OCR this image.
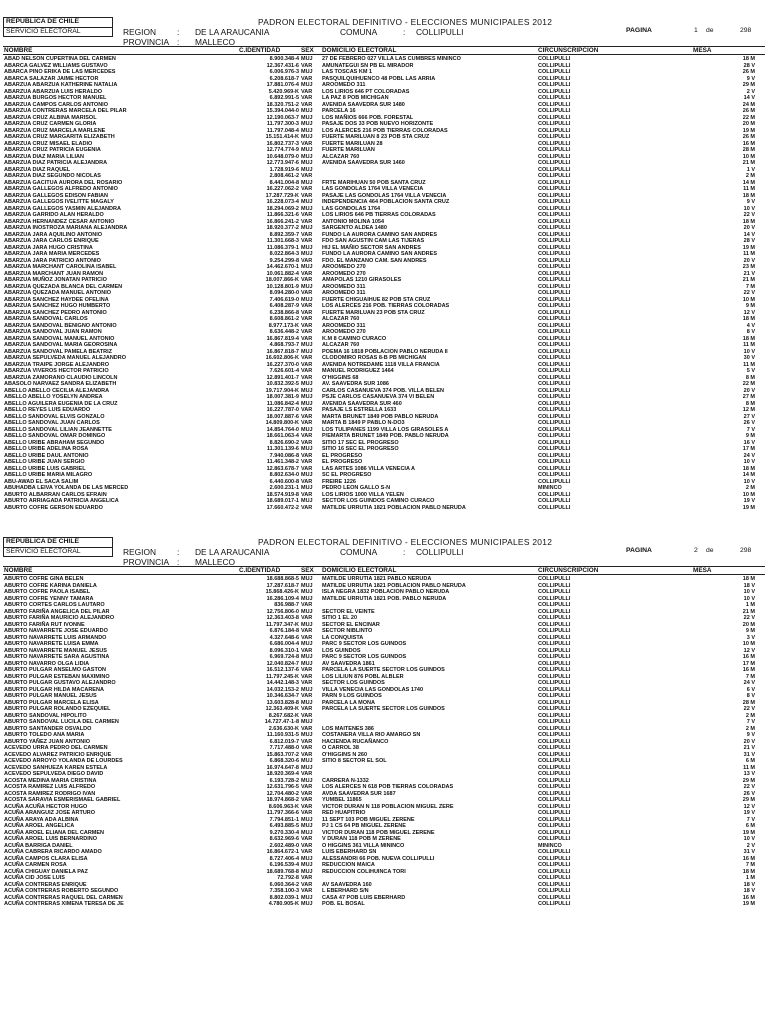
REPUBLICA DE CHILE
SERVICIO ELECTORAL
PADRON ELECTORAL DEFINITIVO - ELECCIONES MUNICIPALES 2012
REGION : DE LA ARAUCANIA	COMUNA	: COLLIPULLI
PROVINCIA : MALLECO
PAGINA	1 de	298
NOMBRE	C.IDENTIDAD	SEX DOMICILIO ELECTORAL	CIRCUNSCRIPCION	MESA
ABAD NELSON CUPERTINA DEL CARMEN	8.900.348-4 MUJ	27 DE FEBRERO 027 VILLA LAS CUMBRES MININCO	COLLIPULLI	18 M
ABARCA GALVEZ WILLIAMS GUSTAVO	12.367.431-6 VAR	AMUNATEGUI SN PB EL MIRADOR	COLLIPULLI	28 V
ABARCA PINO ERIKA DE LAS MERCEDES	6.006.976-3 MUJ	LAS TOSCAS KM 1	COLLIPULLI	26 M
ABARCA SALAZAR JAIME HECTOR	6.208.618-7 VAR	PASQUILQUIHUENCO 48 POBL LAS ARRIA	COLLIPULLI	9 V
ABARZUA ABARZUA KATHERINE NATALIA	17.881.076-4 MUJ	AROOMEDO 311	COLLIPULLI	29 M
ABARZUA ABARZUA LUIS HERALDO	5.420.969-K VAR	LOS LIRIOS 646 PT COLORADAS	COLLIPULLI	2 V
ABARZUA BURGOS HECTOR MANUEL	6.892.991-5 VAR	LA PAZ 8 POB MICHIGAN	COLLIPULLI	14 V
ABARZUA CAMPOS CARLOS ANTONIO	18.320.751-2 VAR	AVENIDA SAAVEDRA SUR 1480	COLLIPULLI	24 M
ABARZUA CONTRERAS MARCELA DEL PILAR	15.394.044-0 MUJ	PARCELA 16	COLLIPULLI	26 M
ABARZUA CRUZ ALBINA MARISOL	12.190.063-7 MUJ	LOS MAÑIOS 666 POB. FORESTAL	COLLIPULLI	22 M
ABARZUA CRUZ CARMEN GLORIA	11.797.300-3 MUJ	PASAJE DOS 33 POB NUEVO HORIZONTE	COLLIPULLI	20 M
ABARZUA CRUZ MARCELA MARLENE	11.797.048-4 MUJ	LOS ALERCES 216 POB TIERRAS COLORADAS	COLLIPULLI	19 M
ABARZUA CRUZ MARGARITA ELIZABETH	15.151.414-K MUJ	FUERTE MARILUAN 8 23 POB STA CRUZ	COLLIPULLI	26 M
ABARZUA CRUZ MISAEL ELADIO	16.802.737-3 VAR	FUERTE MARILUAN 28	COLLIPULLI	16 M
ABARZUA CRUZ PATRICIA EUGENIA	12.774.774-9 MUJ	FUERTE MARILUAN	COLLIPULLI	28 M
ABARZUA DIAZ MARIA LILIAN	10.648.079-0 MUJ	ALCAZAR 760	COLLIPULLI	10 M
ABARZUA DIAZ PATRICIA ALEJANDRA	12.773.947-6 MUJ	AVENIDA SAAVEDRA SUR 1460	COLLIPULLI	21 M
ABARZUA DIAZ RAQUEL	1.728.919-6 MUJ	COLLIPULLI	1 V
ABARZUA DIAZ SEGUNDO NICOLAS	2.808.461-2 VAR	COLLIPULLI	2 M
ABARZUA GACITUA AURORA DEL ROSARIO	8.441.004-8 MUJ	FRTE MARIHUAN 50 POB SANTA CRUZ	COLLIPULLI	14 M
ABARZUA GALLEGOS ALFREDO ANTONIO	16.227.062-2 VAR	LAS GONDOLAS 1764 VILLA VENECIA	COLLIPULLI	11 M
ABARZUA GALLEGOS EDISON FABIAN	17.287.729-K VAR	PASAJE LAS GONDOLAS 1764 VILLA VENECIA	COLLIPULLI	18 M
ABARZUA GALLEGOS IVELITTE MAGALY	16.228.073-4 MUJ	INDEPENDENCIA 464 POBLACION SANTA CRUZ	COLLIPULLI	9 V
ABARZUA GALLEGOS YASMIN ALEJANDRA	18.294.069-2 MUJ	LAS GONDOLAS 1764	COLLIPULLI	10 V
ABARZUA GARRIDO ALAN HERALDO	11.866.321-6 VAR	LOS LIRIOS 646 PB TIERRAS COLORADAS	COLLIPULLI	22 V
ABARZUA HERNANDEZ CESAR ANTONIO	16.866.241-2 VAR	ANTONIO MOLINA 1054	COLLIPULLI	18 M
ABARZUA INOSTROZA MARIANA ALEJANDRA	18.920.377-2 MUJ	SARGENTO ALDEA 1480	COLLIPULLI	20 V
ABARZUA JARA AQUILINO ANTONIO	8.892.359-7 VAR	FUNDO LA AURORA CAMINO SAN ANDRES	COLLIPULLI	14 V
ABARZUA JARA CARLOS ENRIQUE	11.301.668-3 VAR	FDO SAN AGUSTIN CAM LAS TIJERAS	COLLIPULLI	28 V
ABARZUA JARA HUGO CRISTINA	11.086.379-1 MUJ	HIJ EL MAÑIO SECTOR SAN ANDRES	COLLIPULLI	19 M
ABARZUA JARA MARIA MERCEDES	8.022.864-3 MUJ	FUNDO LA AURORA CAMINO SAN ANDRES	COLLIPULLI	11 M
ABARZUA JARA PATRICIO ANTONIO	9.254.299-8 VAR	FDO. EL MANZANO CAM. SAN ANDRES	COLLIPULLI	20 V
ABARZUA MARCHANT CAROLINA ISABEL	14.462.670-1 MUJ	AROOMEDO 270	COLLIPULLI	23 M
ABARZUA MARCHANT JUAN RAMON	10.061.882-4 VAR	AROOMEDO 270	COLLIPULLI	21 V
ABARZUA MUÑOZ JONATAN PATRICIO	18.007.866-K VAR	AMAPOLAS 1210 GIRASOLES	COLLIPULLI	21 M
ABARZUA QUEZADA BLANCA DEL CARMEN	10.128.801-9 MUJ	AROOMEDO 311	COLLIPULLI	7 M
ABARZUA QUEZADA MANUEL ANTONIO	8.094.280-0 VAR	AROOMEDO 311	COLLIPULLI	22 V
ABARZUA SANCHEZ HAYDEE OFELINA	7.406.619-0 MUJ	FUERTE CHIGUAIHUE 82 POB STA CRUZ	COLLIPULLI	10 M
ABARZUA SANCHEZ HUGO HUMBERTO	6.408.287-9 VAR	LOS ALERCES 216 POB. TIERRAS COLORADAS	COLLIPULLI	9 M
ABARZUA SANCHEZ PEDRO ANTONIO	6.238.866-8 VAR	FUERTE MARILUAN 23 POB STA CRUZ	COLLIPULLI	12 V
ABARZUA SANDOVAL CARLOS	8.608.861-2 VAR	ALCAZAR 760	COLLIPULLI	18 M
ABARZUA SANDOVAL BENIGNO ANTONIO	8.977.173-K VAR	AROOMEDO 311	COLLIPULLI	4 V
ABARZUA SANDOVAL JUAN RAMON	8.636.448-2 VAR	AROOMEDO 270	COLLIPULLI	8 V
ABARZUA SANDOVAL MANUEL ANTONIO	16.867.819-4 VAR	K.M 8 CAMINO CURACO	COLLIPULLI	18 M
ABARZUA SANDOVAL MARIA GEOROSINA	4.868.793-7 MUJ	ALCAZAR 760	COLLIPULLI	11 M
ABARZUA SANDOVAL PAMELA BEATRIZ	16.867.818-7 MUJ	POEMA 16 1818 POBLACION PABLO NERUDA II	COLLIPULLI	10 V
ABARZUA SEPULVEDA MANUEL ALEJANDRO	16.602.806-K VAR	CLODOMIRO ROSAS 8-B PB MICHIGAN	COLLIPULLI	30 V
ABARZUA TRAIPE JORGE ALEJANDRO	16.227.370-0 VAR	AVENIDA NOTREDAME 1118 VILLA FRANCIA	COLLIPULLI	11 M
ABARZUA VIVEROS HECTOR PATRICIO	7.626.601-4 VAR	MANUEL RODRIGUEZ 1464	COLLIPULLI	5 V
ABARZUA ZAMORANO CLAUDIO LINCOLN	12.891.401-7 VAR	O'HIGGINS 68	COLLIPULLI	8 M
ABASOLO NARVAEZ SANDRA ELIZABETH	10.832.392-5 MUJ	AV. SAAVEDRA SUR 1086	COLLIPULLI	22 M
ABELLO ABELLO CECILIA ALEJANDRA	19.717.904-K MUJ	CARLOS CASANUEVA 374 POB. VILLA BELEN	COLLIPULLI	20 V
ABELLO ABELLO YOSELYN ANDREA	18.007.381-9 MUJ	PSJE CARLOS CASANUEVA 374 VI BELEN	COLLIPULLI	27 M
ABELLO AGUILERA EUGENIA DE LA CRUZ	11.086.842-4 MUJ	AVENIDA SAAVEDRA SUR 460	COLLIPULLI	8 M
ABELLO REYES LUIS EDUARDO	16.227.787-0 VAR	PASAJE LS ESTRELLA 1633	COLLIPULLI	12 M
ABELLO SANDOVAL ELVIS GONZALO	18.007.887-6 VAR	MARTA BRUNET 1849 POB PABLO NERUDA	COLLIPULLI	27 V
ABELLO SANDOVAL JUAN CARLOS	14.809.800-K VAR	MARTA B 1849 P PABLO N-DO3	COLLIPULLI	26 V
ABELLO SANDOVAL LILIAN JEANNETTE	14.854.764-0 MUJ	LOS TULIPANES 1199 VILLA LOS GIRASOLES A	COLLIPULLI	7 V
ABELLO SANDOVAL OMAR DOMINGO	18.661.063-4 VAR	P/EMARTA BRUNET 1849 POB. PABLO NERUDA	COLLIPULLI	9 M
ABELLO URIBE ABRAHAM SEGUNDO	8.826.690-2 VAR	SITIO 17 SEC EL PROGRESO	COLLIPULLI	16 V
ABELLO URIBE ADELINA ROSA	11.301.139-6 MUJ	SITIO 16 SEC EL PROGRESO	COLLIPULLI	17 M
ABELLO URIBE DAUL ANTONIO	7.940.086-8 VAR	EL PROGRESO	COLLIPULLI	24 V
ABELLO URIBE JUAN SERGIO	11.461.348-2 VAR	EL PROGRESO	COLLIPULLI	10 V
ABELLO URIBE LUIS GABRIEL	12.863.678-7 VAR	LAS ARTES 1086 VILLA VENECIA A	COLLIPULLI	18 M
ABELLO URIBE MARIA MILAGRO	8.802.634-0 MUJ	SC EL PROGRESO	COLLIPULLI	14 M
ABU-AWAD EL SACA SALIM	6.440.600-8 VAR	FREIRE 1226	COLLIPULLI	10 V
ABUHADBA LEIVA YOLANDA DE LAS MERCED	2.600.231-1 MUJ	PEDRO LEON GALLO S-N	MININCO	2 M
ABURTO ALBARRAN CARLOS EFRAIN	18.574.919-8 VAR	LOS LIRIOS 1000 VILLA YELEN	COLLIPULLI	10 M
ABURTO ARRIAGADA PATRICIA ANGELICA	18.689.017-1 MUJ	SECTOR LOS GUINDOS CAMINO CURACO	COLLIPULLI	19 V
ABURTO COFRE GERSON EDUARDO	17.660.472-2 VAR	MATILDE URRUTIA 1821 POBLACION PABLO NERUDA	COLLIPULLI	19 M
REPUBLICA DE CHILE
SERVICIO ELECTORAL
PADRON ELECTORAL DEFINITIVO - ELECCIONES MUNICIPALES 2012
REGION : DE LA ARAUCANIA	COMUNA	: COLLIPULLI
PROVINCIA : MALLECO
PAGINA	2 de	298
NOMBRE	C.IDENTIDAD	SEX DOMICILIO ELECTORAL	CIRCUNSCRIPCION	MESA
ABURTO COFRE GINA BELEN	18.688.868-5 MUJ	MATILDE URRUTIA 1821 PABLO NERUDA	COLLIPULLI	18 M
ABURTO COFRE KARINA DANIELA	17.287.618-7 MUJ	MATILDE URRUTIA 1821 POBLACION PABLO NERUDA	COLLIPULLI	18 V
ABURTO COFRE PAOLA ISABEL	15.868.426-K MUJ	ISLA NEGRA 1832 POBLACION PABLO NERUDA	COLLIPULLI	10 V
ABURTO COFRE YENNY TAMARA	16.286.109-4 MUJ	MATILDE URRUTIA 1821 POB. PABLO NERUDA	COLLIPULLI	10 V
ABURTO CORTES CARLOS LAUTARO	836.988-7 VAR	COLLIPULLI	1 M
ABURTO FARIÑA ANGELICA DEL PILAR	12.756.806-0 MUJ	SECTOR EL VEINTE	COLLIPULLI	21 M
ABURTO FARIÑA MAURICIO ALEJANDRO	12.363.403-8 VAR	SITIO 1 EL 20	COLLIPULLI	22 V
ABURTO FARIÑA RUT IVONNE	11.797.347-K MUJ	SECTOR EL ENCINAR	COLLIPULLI	20 M
ABURTO NAVARRETE JOSE EDUARDO	6.876.184-8 VAR	SECTOR NIBLINTO	COLLIPULLI	9 M
ABURTO NAVARRETE LUIS ARMANDO	4.327.648-6 VAR	LA CONQUISTA	COLLIPULLI	3 V
ABURTO NAVARRETE LUISA EMMA	6.686.004-4 MUJ	PARC 9 SECTOR LOS GUINDOS	COLLIPULLI	10 M
ABURTO NAVARRETE MANUEL JESUS	8.096.310-1 VAR	LOS GUINDOS	COLLIPULLI	12 V
ABURTO NAVARRETE SARA AGUSTINA	6.969.724-8 MUJ	PARC 9 SECTOR LOS GUINDOS	COLLIPULLI	16 M
ABURTO NAVARRO OLGA LIDIA	12.040.824-7 MUJ	AV SAAVEDRA 1861	COLLIPULLI	17 M
ABURTO PULGAR ANSELMO GASTON	16.512.137-6 VAR	PARCELA LA SUERTE SECTOR LOS GUINDOS	COLLIPULLI	16 M
ABURTO PULGAR ESTEBAN MAXIMINO	11.797.245-K VAR	LOS LILIUN 876 POBL ALBLER	COLLIPULLI	7 M
ABURTO PULGAR GUSTAVO ALEJANDRO	14.442.148-3 VAR	SECTOR LOS GUINDOS	COLLIPULLI	24 V
ABURTO PULGAR HILDA MACARENA	14.032.153-2 MUJ	VILLA VENECIA LAS GONDOLAS 1740	COLLIPULLI	6 V
ABURTO PULGAR MANUEL JESUS	10.346.634-7 VAR	PARN 9 LOS GUINDOS	COLLIPULLI	8 V
ABURTO PULGAR MARCELA ELISA	13.603.828-8 MUJ	PARCELA LA MONA	COLLIPULLI	28 M
ABURTO PULGAR ROLANDO EZEQUIEL	12.363.409-K VAR	PARCELA LA SUERTE SECTOR LOS GUINDOS	COLLIPULLI	22 V
ABURTO SANDOVAL HIPOLITO	8.267.682-K VAR	COLLIPULLI	2 M
ABURTO SANDOVAL LUCILA DEL CARMEN	14.727.47-1-8 MUJ	COLLIPULLI	7 V
ABURTO SANTANDER OSVALDO	2.636.630-K VAR	LOS MAITENES 386	COLLIPULLI	2 M
ABURTO TOLEDO ANA MARIA	11.160.931-5 MUJ	COSTANERA VILLA RIO AMARGO SN	COLLIPULLI	9 V
ABURTO YAÑEZ JUAN ANTONIO	6.812.019-7 VAR	HACIENDA RUCAÑANCO	COLLIPULLI	20 V
ACEVEDO URRA PEDRO DEL CARMEN	7.717.488-0 VAR	O CARROL 38	COLLIPULLI	21 V
ACEVEDO ALVAREZ PATRICIO ENRIQUE	15.863.707-2 VAR	O'HIGGINS N 260	COLLIPULLI	31 V
ACEVEDO ARROYO YOLANDA DE LOURDES	6.868.320-6 MUJ	SITIO 8 SECTOR EL SOL	COLLIPULLI	6 M
ACEVEDO SANHUEZA KAREN ESTELA	16.974.647-8 MUJ	COLLIPULLI	11 M
ACEVEDO SEPULVEDA DIEGO DAVID	18.920.369-4 VAR	COLLIPULLI	13 V
ACOSTA MEDINA MARIA CRISTINA	6.193.728-2 MUJ	CARRERA N-1332	COLLIPULLI	29 M
ACOSTA RAMIREZ LUIS ALFREDO	12.631.796-5 VAR	LOS ALERCES N 618 POB TIERRAS COLORADAS	COLLIPULLI	22 V
ACOSTA RAMIREZ RODRIGO IVAN	12.704.480-2 VAR	AVDA SAAVEDRA SUR 1687	COLLIPULLI	26 V
ACOSTA SARAVIA ESMERISMAEL GABRIEL	18.974.868-2 VAR	YUMBEL 11865	COLLIPULLI	29 M
ACUÑA ACUÑA HECTOR HUGO	8.606.963-K VAR	VICTOR DURAN N 118 POBLACION MIGUEL ZERE	COLLIPULLI	12 V
ACUÑA ARANGUIZ JOSE ARTURO	11.797.366-6 VAR	RED HUAPITRIO	COLLIPULLI	19 V
ACUÑA ARAYA ADA ALBINA	7.794.851-1 MUJ	11 SEPT 103 POB MIGUEL ZERENE	COLLIPULLI	7 V
ACUÑA AROEL ANGELICA	6.493.885-5 MUJ	PJ 1 CS 64 PB MIGUEL ZERENE	COLLIPULLI	6 M
ACUÑA AROEL ELIANA DEL CARMEN	9.270.330-4 MUJ	VICTOR DURAN 118 POB MIGUEL ZERENE	COLLIPULLI	19 M
ACUÑA AROEL LUIS BERNARDINO	8.632.969-6 VAR	V DURAN 118 POB M ZERENE	COLLIPULLI	10 V
ACUÑA BARRIGA DANIEL	2.602.489-0 VAR	O HIGGINS 361 VILLA MININCO	MININCO	2 V
ACUÑA CABRERA RICARDO AMADO	16.864.672-1 VAR	LUIS EBERHARD SN	COLLIPULLI	31 V
ACUÑA CAMPOS CLARA ELISA	8.727.406-4 MUJ	ALESSANDRI 66 POB. NUEVA COLLIPULLI	COLLIPULLI	16 M
ACUÑA CARMEN ROSA	6.196.539-4 MUJ	REDUCCION MAICA	COLLIPULLI	7 M
ACUÑA CHIGUAY DANIELA PAZ	18.689.768-8 MUJ	REDUCCION COLIHUINCA TORI	COLLIPULLI	18 M
ACUÑA CID JOSE LUIS	72.792-8 VAR	COLLIPULLI	1 M
ACUÑA CONTRERAS ENRIQUE	6.060.364-2 VAR	AV SAAVEDRA 160	COLLIPULLI	18 V
ACUÑA CONTRERAS ROBERTO SEGUNDO	7.358.100-3 VAR	L EBERHARD S/N	COLLIPULLI	18 V
ACUÑA CONTRERAS RAQUEL DEL CARMEN	8.802.039-1 MUJ	CASA 47 POB LUIS EBERHARD	COLLIPULLI	16 M
ACUÑA CONTRERAS XIMENA TERESA DE JE	4.780.905-K MUJ	POB. EL BOSAL	COLLIPULLI	19 M
